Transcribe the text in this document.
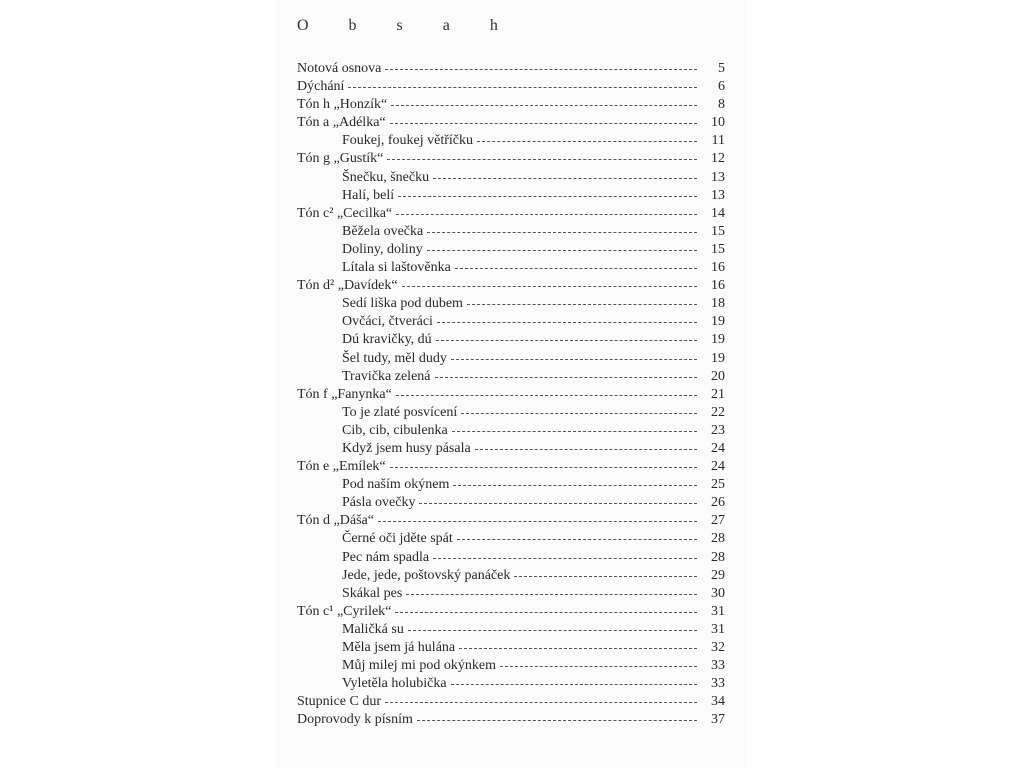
O b s a h
Notová osnova	5
Dýchání	6
Tón h „Honzík“	8
Tón a „Adélka“	10
Foukej, foukej větříčku	11
Tón g „Gustík“	12
Šnečku, šnečku	13
Halí, belí	13
Tón c² „Cecilka“	14
Běžela ovečka	15
Doliny, doliny	15
Lítala si laštověnka	16
Tón d² „Davídek“	16
Sedí liška pod dubem	18
Ovčáci, čtveráci	19
Dú kravičky, dú	19
Šel tudy, měl dudy	19
Travička zelená	20
Tón f „Fanynka“	21
To je zlaté posvícení	22
Cib, cib, cibulenka	23
Když jsem husy pásala	24
Tón e „Emílek“	24
Pod naším okýnem	25
Pásla ovečky	26
Tón d „Dáša“	27
Černé oči jděte spát	28
Pec nám spadla	28
Jede, jede, poštovský panáček	29
Skákal pes	30
Tón c¹ „Cyrilek“	31
Maličká su	31
Měla jsem já hulána	32
Můj milej mi pod okýnkem	33
Vyletěla holubička	33
Stupnice C dur	34
Doprovody k písním	37
